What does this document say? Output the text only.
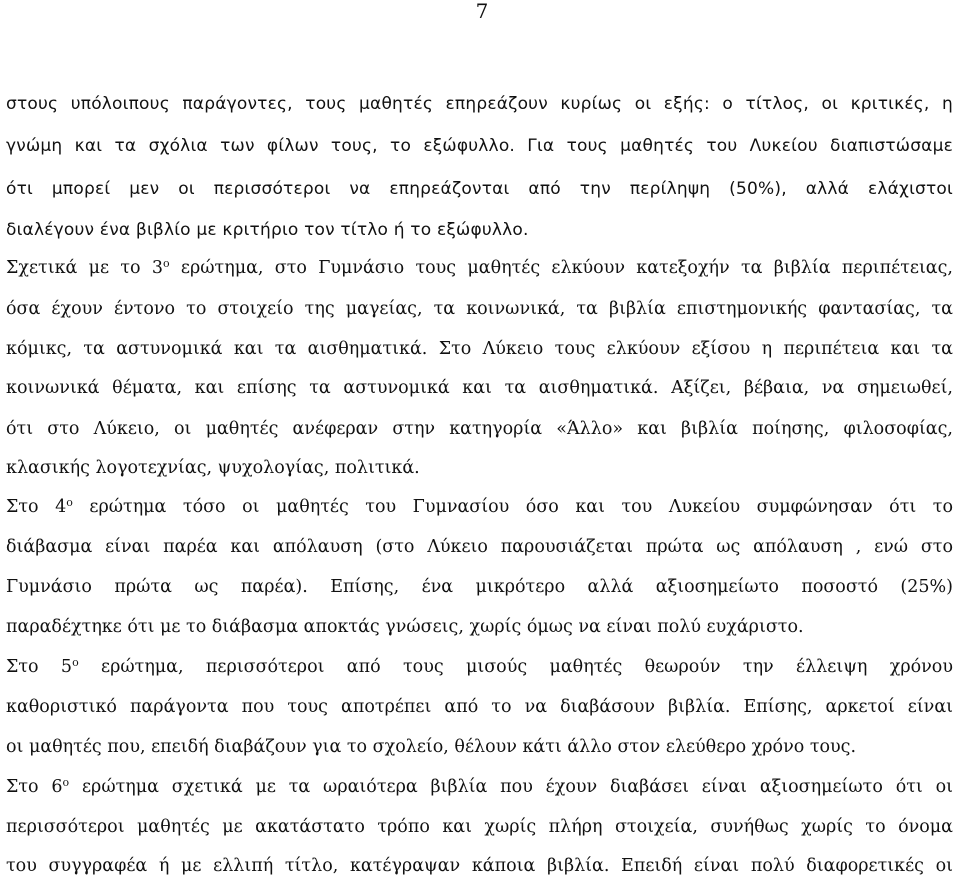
7
στους υπόλοιπους παράγοντες, τους μαθητές επηρεάζουν κυρίως οι εξής: ο τίτλος, οι κριτικές, η
γνώμη και τα σχόλια των φίλων τους, το εξώφυλλο. Για τους μαθητές του Λυκείου διαπιστώσαμε
ότι μπορεί μεν οι περισσότεροι να επηρεάζονται από την περίληψη (50%), αλλά ελάχιστοι
διαλέγουν ένα βιβλίο με κριτήριο τον τίτλο ή το εξώφυλλο.
Σχετικά με το $3^o$ ερώτημα, στο Γυμνάσιο τους μαθητές ελκύουν κατεξοχήν τα βιβλία περιπέτειας,
όσα έχουν έντονο το στοιχείο της μαγείας, τα κοινωνικά, τα βιβλία επιστημονικής φαντασίας, τα
κόμικς, τα αστυνομικά και τα αισθηματικά. Στο Λύκειο τους ελκύουν εξίσου η περιπέτεια και τα
κοινωνικά θέματα, και επίσης τα αστυνομικά και τα αισθηματικά. Αξίζει, βέβαια, να σημειωθεί,
ότι στο Λύκειο, οι μαθητές ανέφεραν στην κατηγορία «Άλλο» και βιβλία ποίησης, φιλοσοφίας,
κλασικής λογοτεχνίας, ψυχολογίας, πολιτικά.
Στο $4^o$ ερώτημα τόσο οι μαθητές του Γυμνασίου όσο και του Λυκείου συμφώνησαν ότι το
διάβασμα είναι παρέα και απόλαυση (στο Λύκειο παρουσιάζεται πρώτα ως απόλαυση , ενώ στο
Γυμνάσιο πρώτα ως παρέα). Επίσης, ένα μικρότερο αλλά αξιοσημείωτο ποσοστό (25%)
παραδέχτηκε ότι με το διάβασμα αποκτάς γνώσεις, χωρίς όμως να είναι πολύ ευχάριστο.
Στο $5^o$ ερώτημα, περισσότεροι από τους μισούς μαθητές θεωρούν την έλλειψη χρόνου
καθοριστικό παράγοντα που τους αποτρέπει από το να διαβάσουν βιβλία. Επίσης, αρκετοί είναι
οι μαθητές που, επειδή διαβάζουν για το σχολείο, θέλουν κάτι άλλο στον ελεύθερο χρόνο τους.
Στο $6^o$ ερώτημα σχετικά με τα ωραιότερα βιβλία που έχουν διαβάσει είναι αξιοσημείωτο ότι οι
περισσότεροι μαθητές με ακατάστατο τρόπο και χωρίς πλήρη στοιχεία, συνήθως χωρίς το όνομα
του συγγραφέα ή με ελλιπή τίτλο, κατέγραψαν κάποια βιβλία. Επειδή είναι πολύ διαφορετικές οι
